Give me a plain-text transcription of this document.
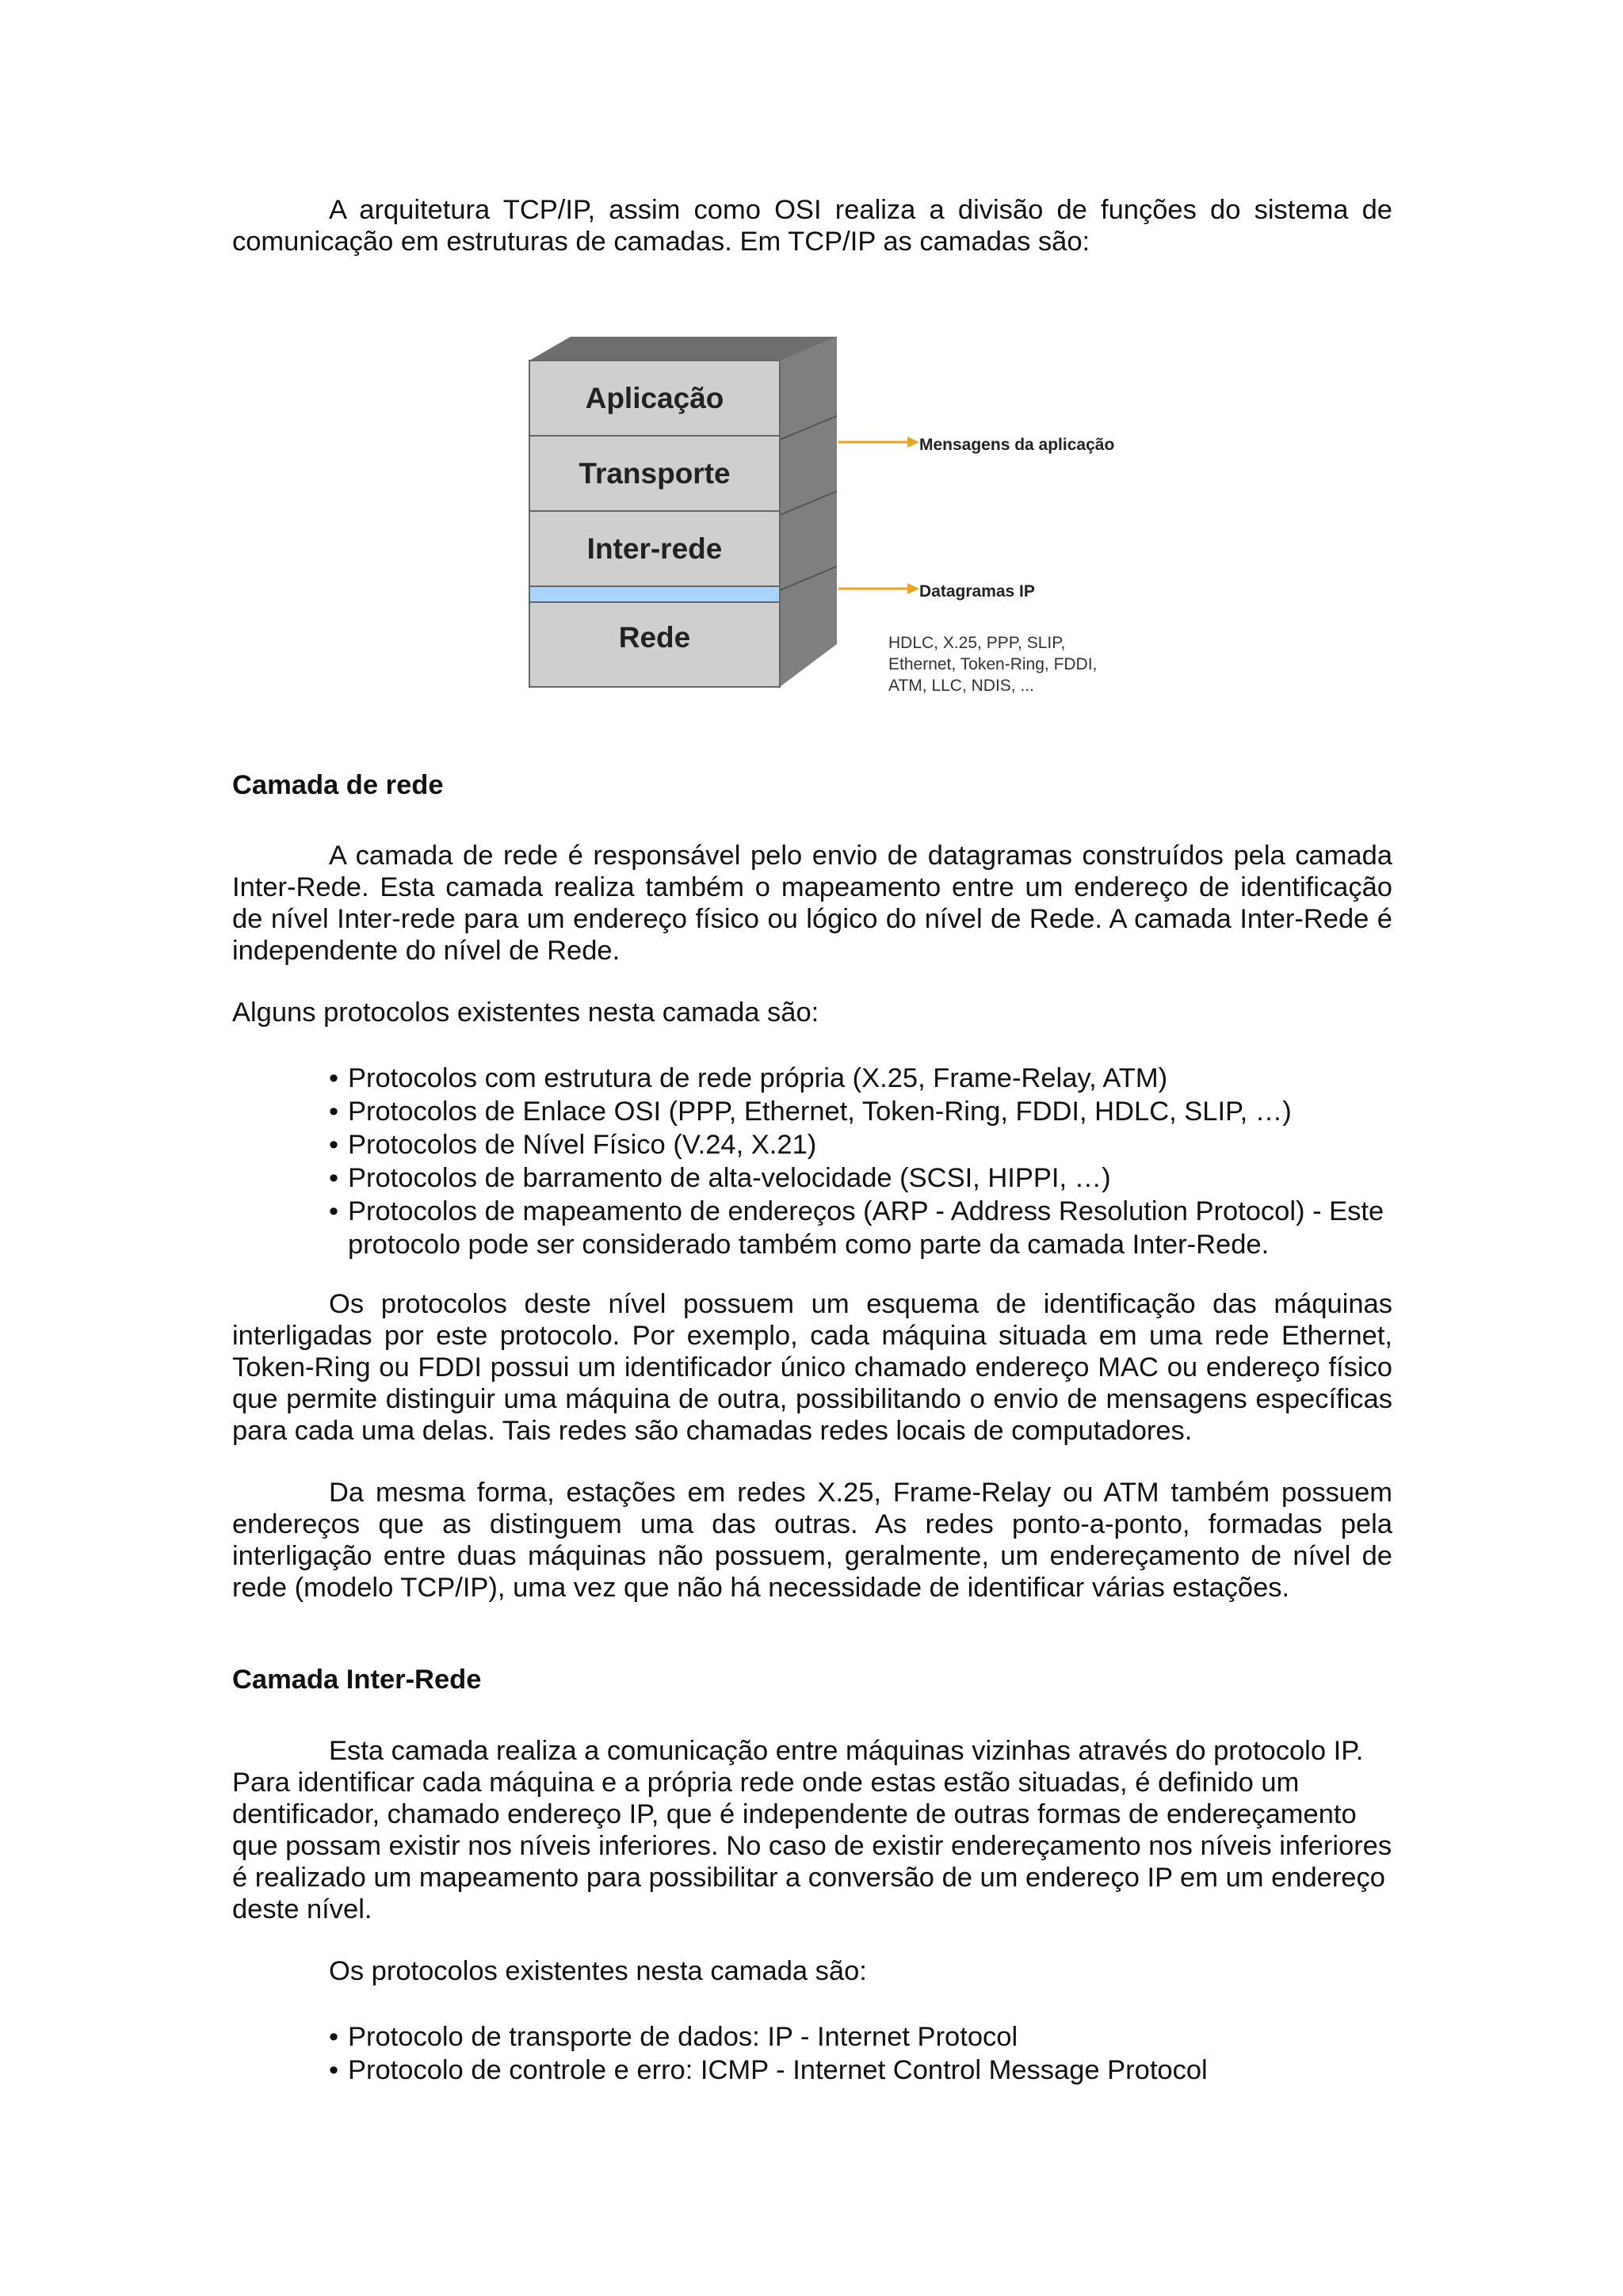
A arquitetura TCP/IP, assim como OSI realiza a divisão de funções do sistema de comunicação em estruturas de camadas. Em TCP/IP as camadas são:

Aplicação
Transporte
Inter-rede
Rede
Mensagens da aplicação
Datagramas IP
HDLC, X.25, PPP, SLIP,
Ethernet, Token-Ring, FDDI,
ATM, LLC, NDIS, ...
Camada de rede

A camada de rede é responsável pelo envio de datagramas construídos pela camada Inter-Rede. Esta camada realiza também o mapeamento entre um endereço de identificação de nível Inter-rede para um endereço físico ou lógico do nível de Rede. A camada Inter-Rede é independente do nível de Rede.

Alguns protocolos existentes nesta camada são:

• Protocolos com estrutura de rede própria (X.25, Frame-Relay, ATM)
• Protocolos de Enlace OSI (PPP, Ethernet, Token-Ring, FDDI, HDLC, SLIP, …)
• Protocolos de Nível Físico (V.24, X.21)
• Protocolos de barramento de alta-velocidade (SCSI, HIPPI, …)
• Protocolos de mapeamento de endereços (ARP - Address Resolution Protocol) - Este protocolo pode ser considerado também como parte da camada Inter-Rede.

Os protocolos deste nível possuem um esquema de identificação das máquinas interligadas por este protocolo. Por exemplo, cada máquina situada em uma rede Ethernet, Token-Ring ou FDDI possui um identificador único chamado endereço MAC ou endereço físico que permite distinguir uma máquina de outra, possibilitando o envio de mensagens específicas para cada uma delas. Tais redes são chamadas redes locais de computadores.

Da mesma forma, estações em redes X.25, Frame-Relay ou ATM também possuem endereços que as distinguem uma das outras. As redes ponto-a-ponto, formadas pela interligação entre duas máquinas não possuem, geralmente, um endereçamento de nível de rede (modelo TCP/IP), uma vez que não há necessidade de identificar várias estações.

Camada Inter-Rede

Esta camada realiza a comunicação entre máquinas vizinhas através do protocolo IP. Para identificar cada máquina e a própria rede onde estas estão situadas, é definido um dentificador, chamado endereço IP, que é independente de outras formas de endereçamento que possam existir nos níveis inferiores. No caso de existir endereçamento nos níveis inferiores é realizado um mapeamento para possibilitar a conversão de um endereço IP em um endereço deste nível.

Os protocolos existentes nesta camada são:

• Protocolo de transporte de dados: IP - Internet Protocol
• Protocolo de controle e erro: ICMP - Internet Control Message Protocol
